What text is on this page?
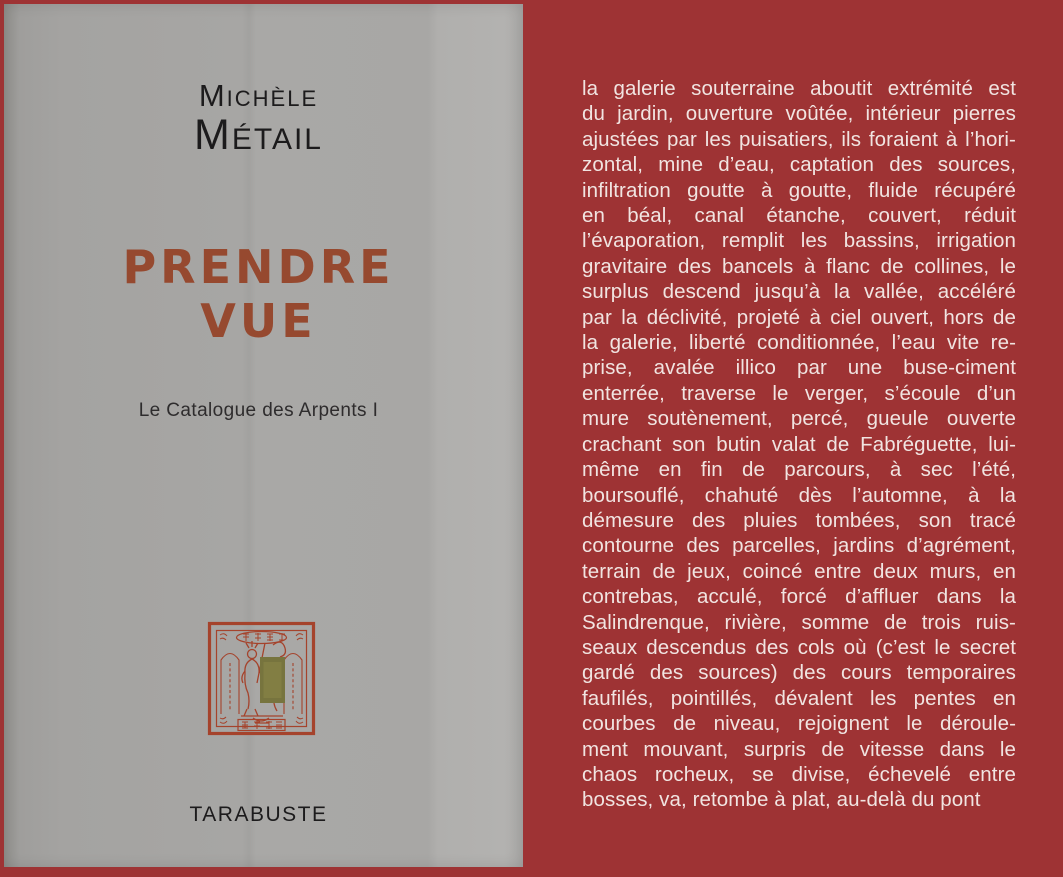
Michèle
Métail
PRENDRE
VUE
Le Catalogue des Arpents I
TARABUSTE
la galerie souterraine aboutit extrémité est
du jardin, ouverture voûtée, intérieur pierres
ajustées par les puisatiers, ils foraient à l’hori-
zontal, mine d’eau, captation des sources,
infiltration goutte à goutte, fluide récupéré
en béal, canal étanche, couvert, réduit
l’évaporation, remplit les bassins, irrigation
gravitaire des bancels à flanc de collines, le
surplus descend jusqu’à la vallée, accéléré
par la déclivité, projeté à ciel ouvert, hors de
la galerie, liberté conditionnée, l’eau vite re-
prise, avalée illico par une buse-ciment
enterrée, traverse le verger, s’écoule d’un
mure soutènement, percé, gueule ouverte
crachant son butin valat de Fabréguette, lui-
même en fin de parcours, à sec l’été,
boursouflé, chahuté dès l’automne, à la
démesure des pluies tombées, son tracé
contourne des parcelles, jardins d’agrément,
terrain de jeux, coincé entre deux murs, en
contrebas, acculé, forcé d’affluer dans la
Salindrenque, rivière, somme de trois ruis-
seaux descendus des cols où (c’est le secret
gardé des sources) des cours temporaires
faufilés, pointillés, dévalent les pentes en
courbes de niveau, rejoignent le déroule-
ment mouvant, surpris de vitesse dans le
chaos rocheux, se divise, échevelé entre
bosses, va, retombe à plat, au-delà du pont
